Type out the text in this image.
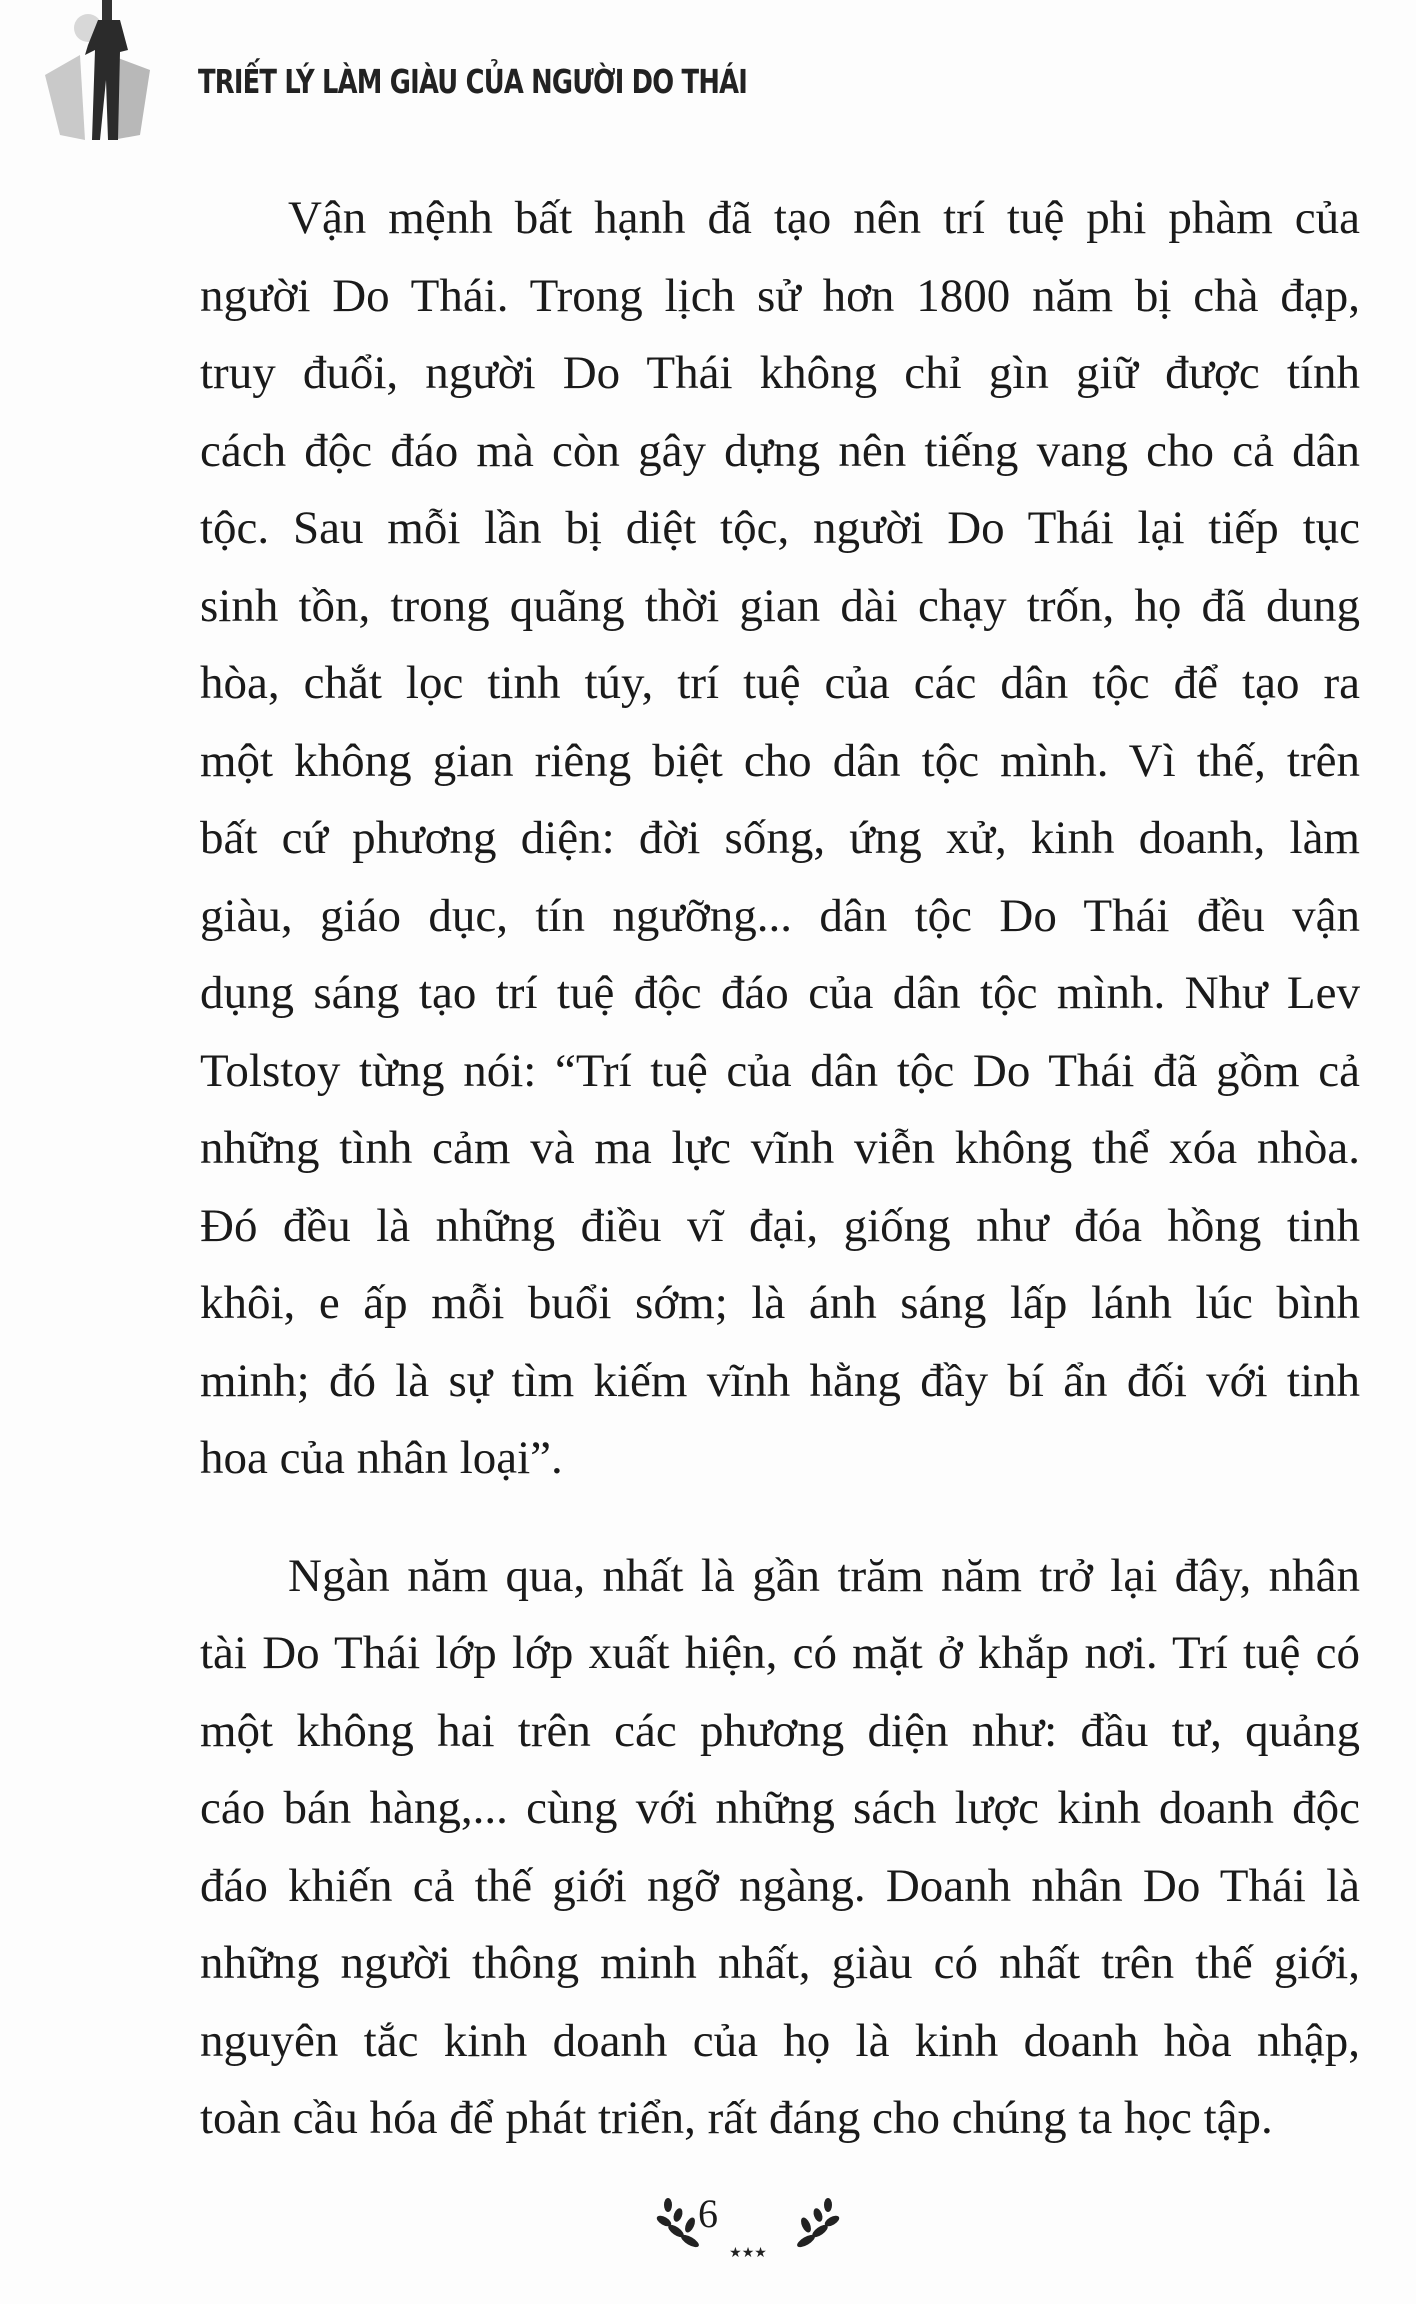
TRIẾT LÝ LÀM GIÀU CỦA NGƯỜI DO THÁI
Vận mệnh bất hạnh đã tạo nên trí tuệ phi phàm của
người Do Thái. Trong lịch sử hơn 1800 năm bị chà đạp,
truy đuổi, người Do Thái không chỉ gìn giữ được tính
cách độc đáo mà còn gây dựng nên tiếng vang cho cả dân
tộc. Sau mỗi lần bị diệt tộc, người Do Thái lại tiếp tục
sinh tồn, trong quãng thời gian dài chạy trốn, họ đã dung
hòa, chắt lọc tinh túy, trí tuệ của các dân tộc để tạo ra
một không gian riêng biệt cho dân tộc mình. Vì thế, trên
bất cứ phương diện: đời sống, ứng xử, kinh doanh, làm
giàu, giáo dục, tín ngưỡng... dân tộc Do Thái đều vận
dụng sáng tạo trí tuệ độc đáo của dân tộc mình. Như Lev
Tolstoy từng nói: “Trí tuệ của dân tộc Do Thái đã gồm cả
những tình cảm và ma lực vĩnh viễn không thể xóa nhòa.
Đó đều là những điều vĩ đại, giống như đóa hồng tinh
khôi, e ấp mỗi buổi sớm; là ánh sáng lấp lánh lúc bình
minh; đó là sự tìm kiếm vĩnh hằng đầy bí ẩn đối với tinh
hoa của nhân loại”.
Ngàn năm qua, nhất là gần trăm năm trở lại đây, nhân
tài Do Thái lớp lớp xuất hiện, có mặt ở khắp nơi. Trí tuệ có
một không hai trên các phương diện như: đầu tư, quảng
cáo bán hàng,... cùng với những sách lược kinh doanh độc
đáo khiến cả thế giới ngỡ ngàng. Doanh nhân Do Thái là
những người thông minh nhất, giàu có nhất trên thế giới,
nguyên tắc kinh doanh của họ là kinh doanh hòa nhập,
toàn cầu hóa để phát triển, rất đáng cho chúng ta học tập.
6
★★★
